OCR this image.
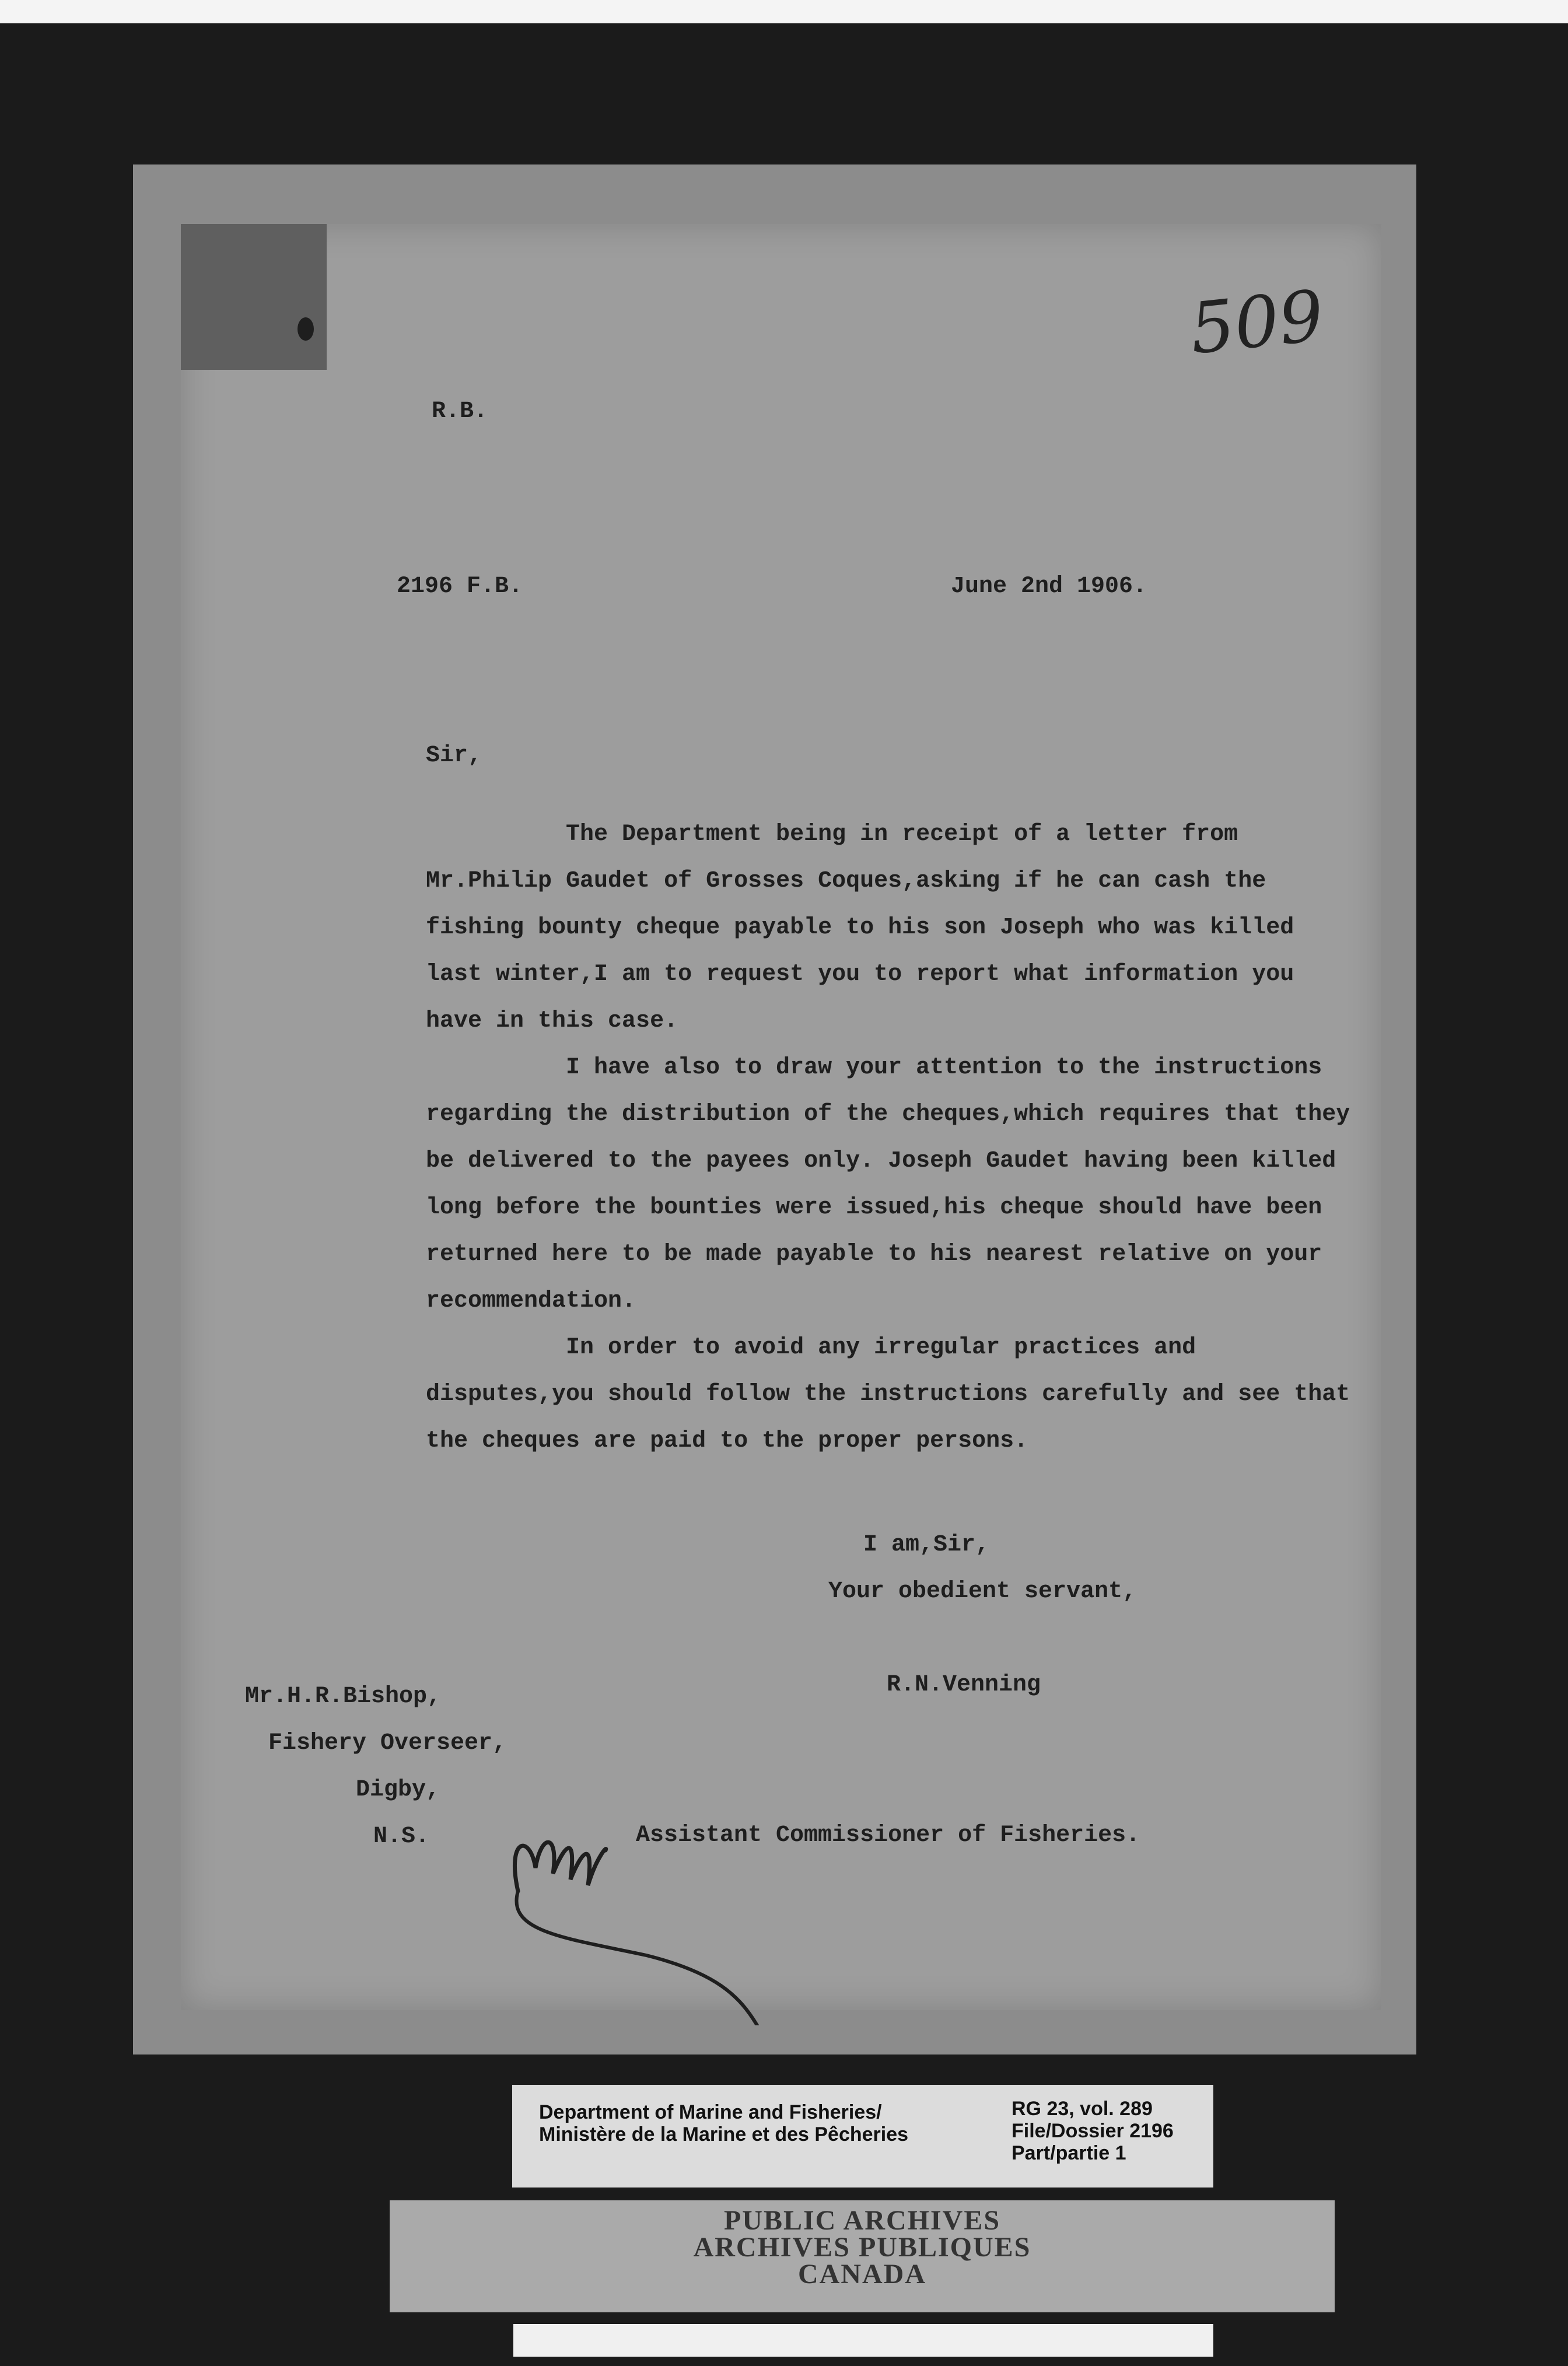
509

R.B.

2196 F.B.	June 2nd 1906.

Sir,

The Department being in receipt of a letter from Mr.Philip Gaudet of Grosses Coques,asking if he can cash the fishing bounty cheque payable to his son Joseph who was killed last winter,I am to request you to report what information you have in this case.

I have also to draw your attention to the instructions regarding the distribution of the cheques,which requires that they be delivered to the payees only. Joseph Gaudet having been killed long before the bounties were issued,his cheque should have been returned here to be made payable to his nearest relative on your recommendation.

In order to avoid any irregular practices and disputes,you should follow the instructions carefully and see that the cheques are paid to the proper persons.

I am,Sir,

Your obedient servant,

R.N.Venning

Mr.H.R.Bishop,

Fishery Overseer,

Digby,

N.S.	Assistant Commissioner of Fisheries.

Department of Marine and Fisheries/

Ministère de la Marine et des Pêcheries

RG 23, vol. 289

File/Dossier 2196

Part/partie 1

PUBLIC ARCHIVES

ARCHIVES PUBLIQUES

CANADA
